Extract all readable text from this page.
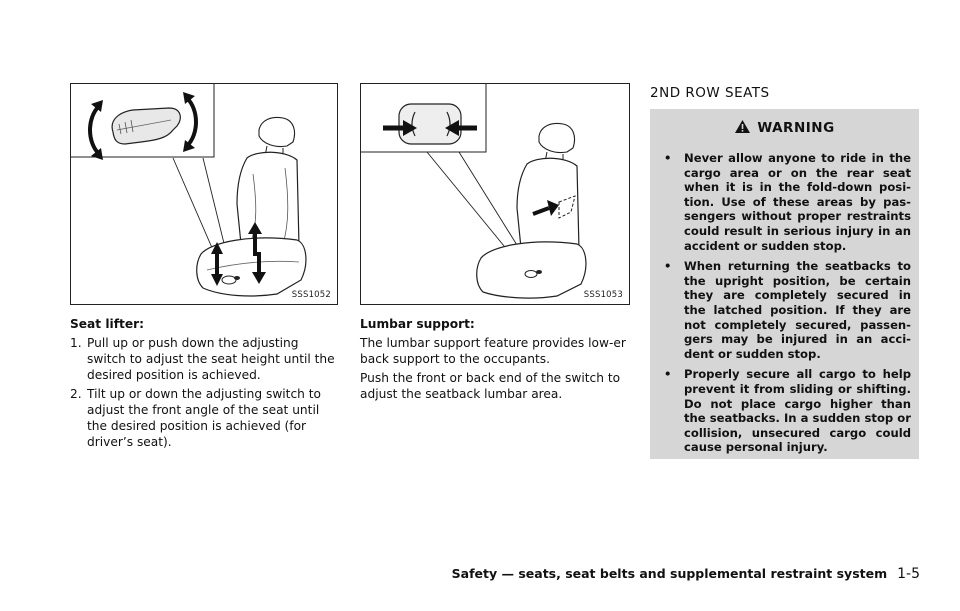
SSS1052	SSS1053
Seat lifter:
1. Pull up or push down the adjusting switch to adjust the seat height until the desired position is achieved.
2. Tilt up or down the adjusting switch to adjust the front angle of the seat until the desired position is achieved (for driver’s seat).
Lumbar support:
The lumbar support feature provides low-er back support to the occupants.
Push the front or back end of the switch to adjust the seatback lumbar area.
2ND ROW SEATS
WARNING
• Never allow anyone to ride in the cargo area or on the rear seat when it is in the fold-down posi-tion. Use of these areas by pas-sengers without proper restraints could result in serious injury in an accident or sudden stop.
• When returning the seatbacks to the upright position, be certain they are completely secured in the latched position. If they are not completely secured, passen-gers may be injured in an acci-dent or sudden stop.
• Properly secure all cargo to help prevent it from sliding or shifting. Do not place cargo higher than the seatbacks. In a sudden stop or collision, unsecured cargo could cause personal injury.
Safety — seats, seat belts and supplemental restraint system 1-5
